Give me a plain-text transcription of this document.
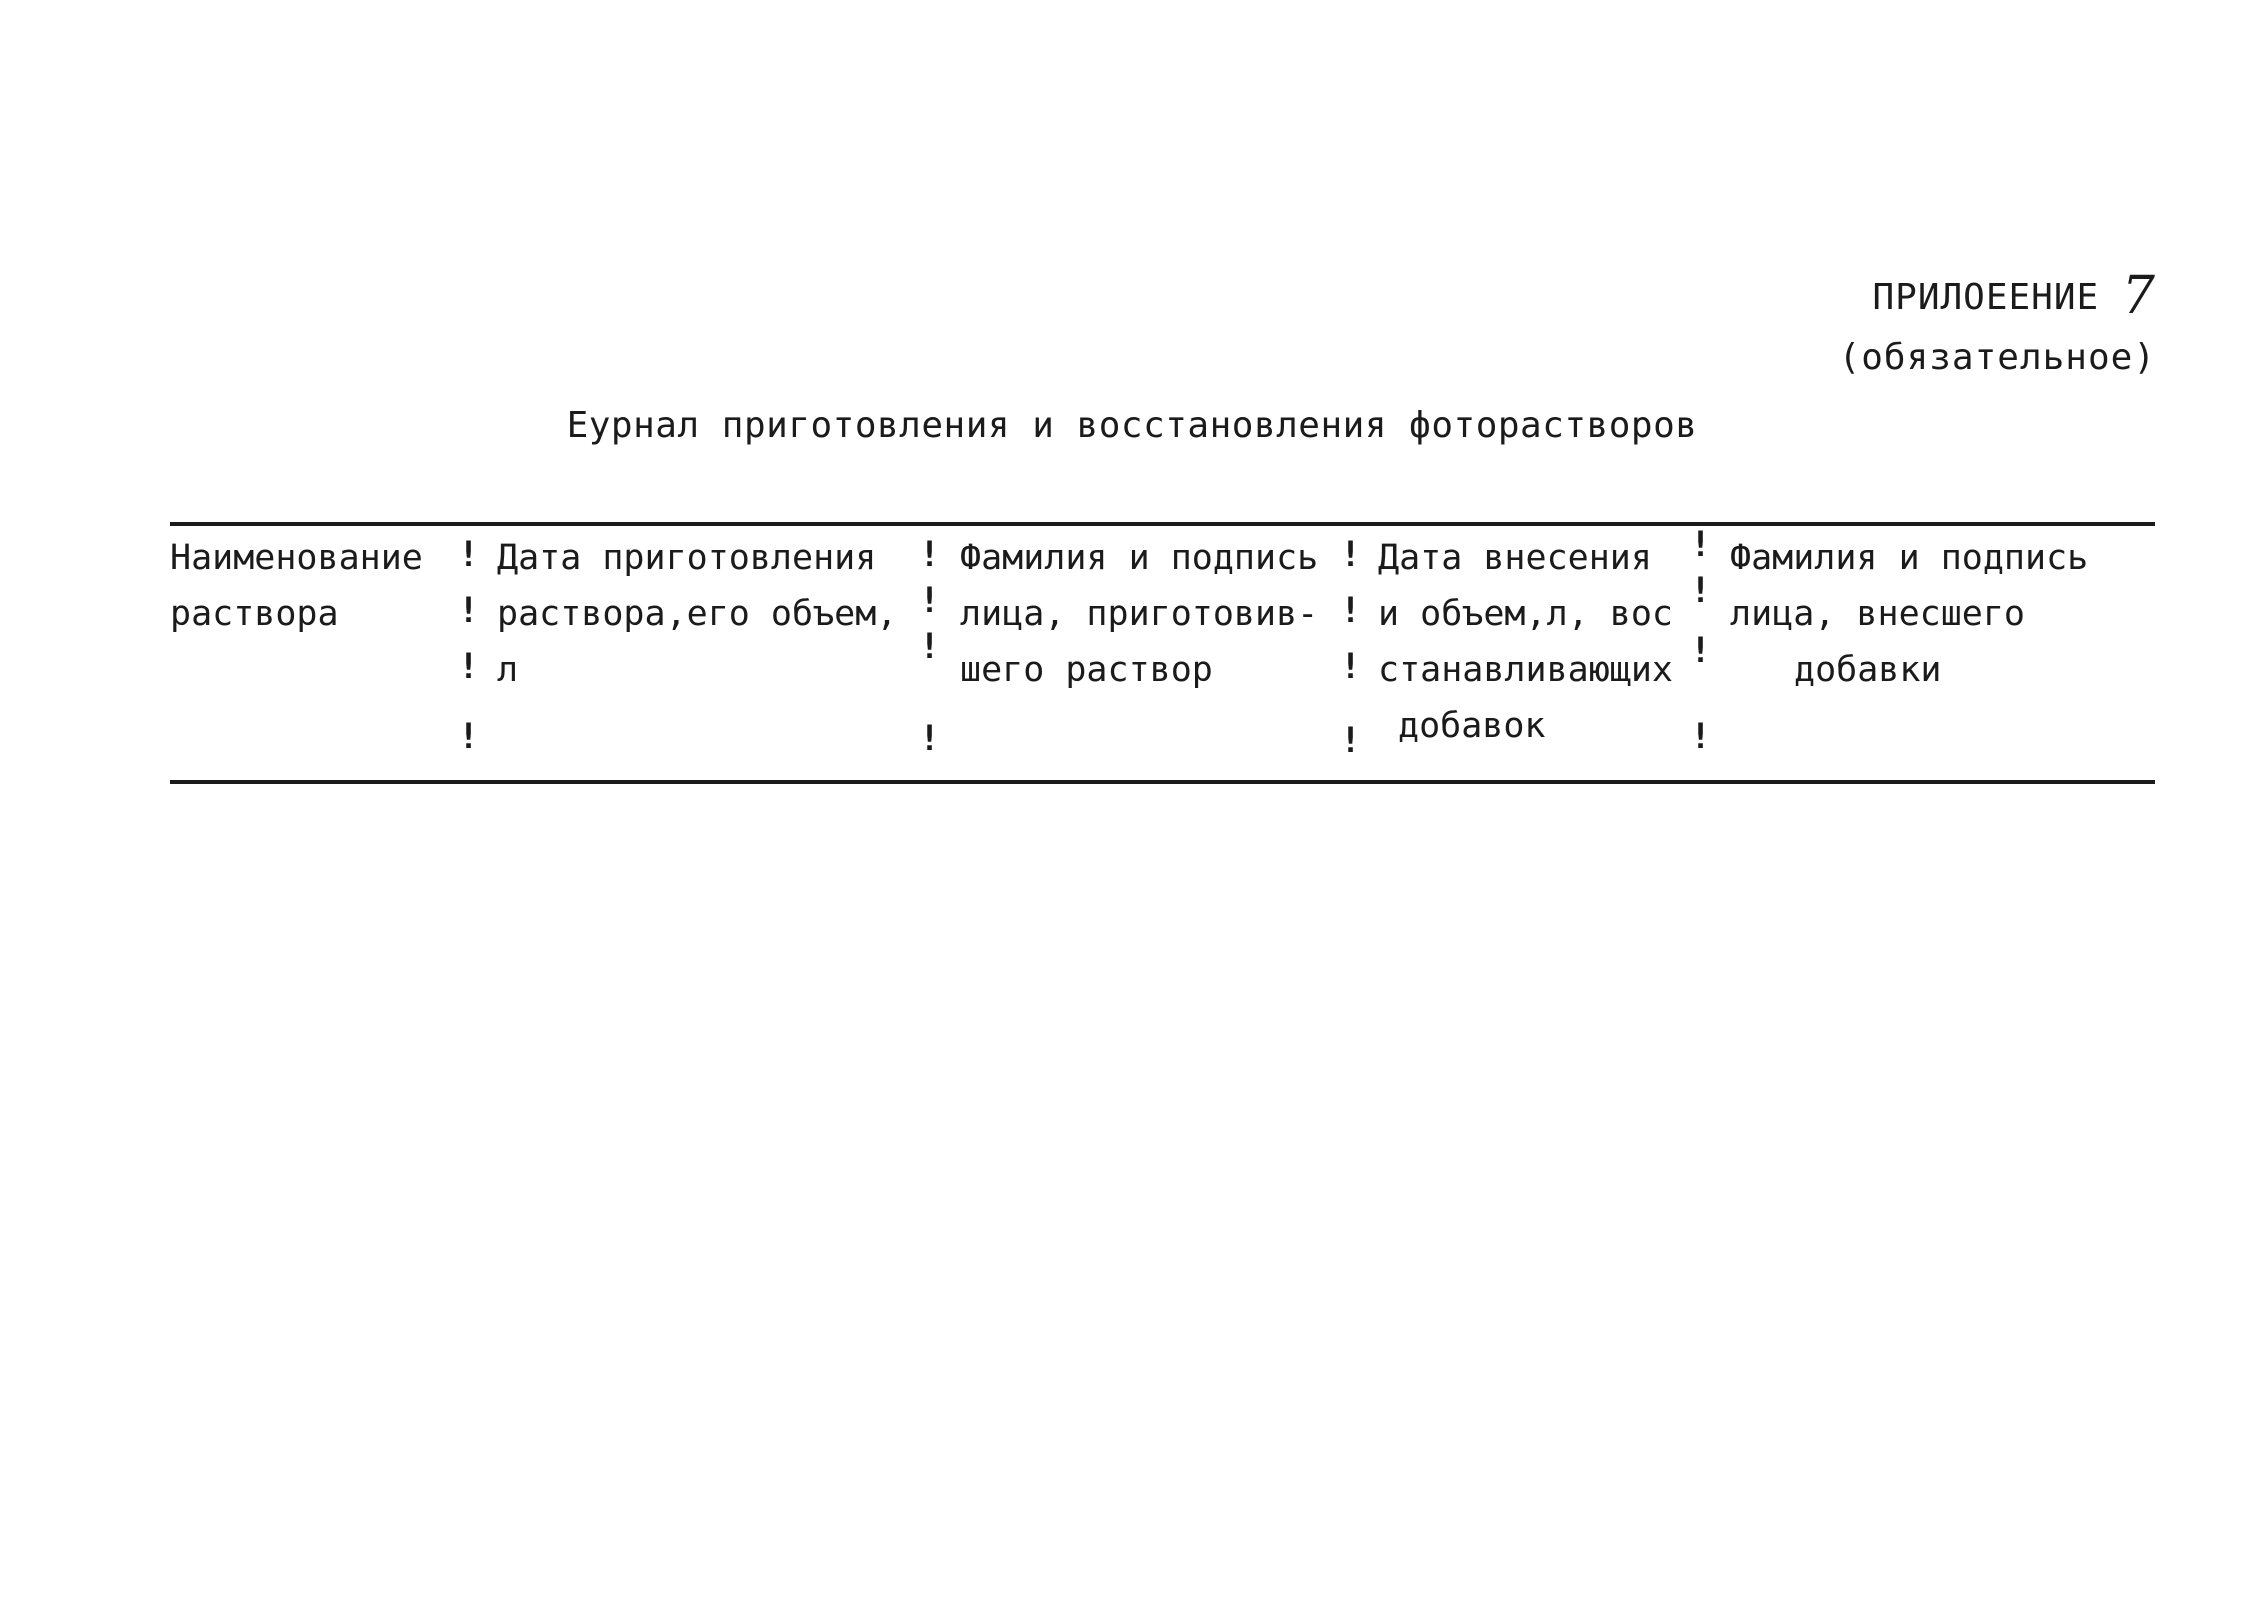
ПРИЛОЕЕНИЕ 7
(обязательное)
Еурнал приготовления и восстановления фоторастворов
Наименование
раствора
!
!
!
!
Дата приготовления
раствора,его объем,
л
!
!
!
!
Фамилия и подпись
лица, приготовив-
шего раствор
!
!
!
!
Дата внесения
и объем,л, вос
станавливающих
добавок
!
!
!
!
Фамилия и подпись
лица, внесшего
добавки
